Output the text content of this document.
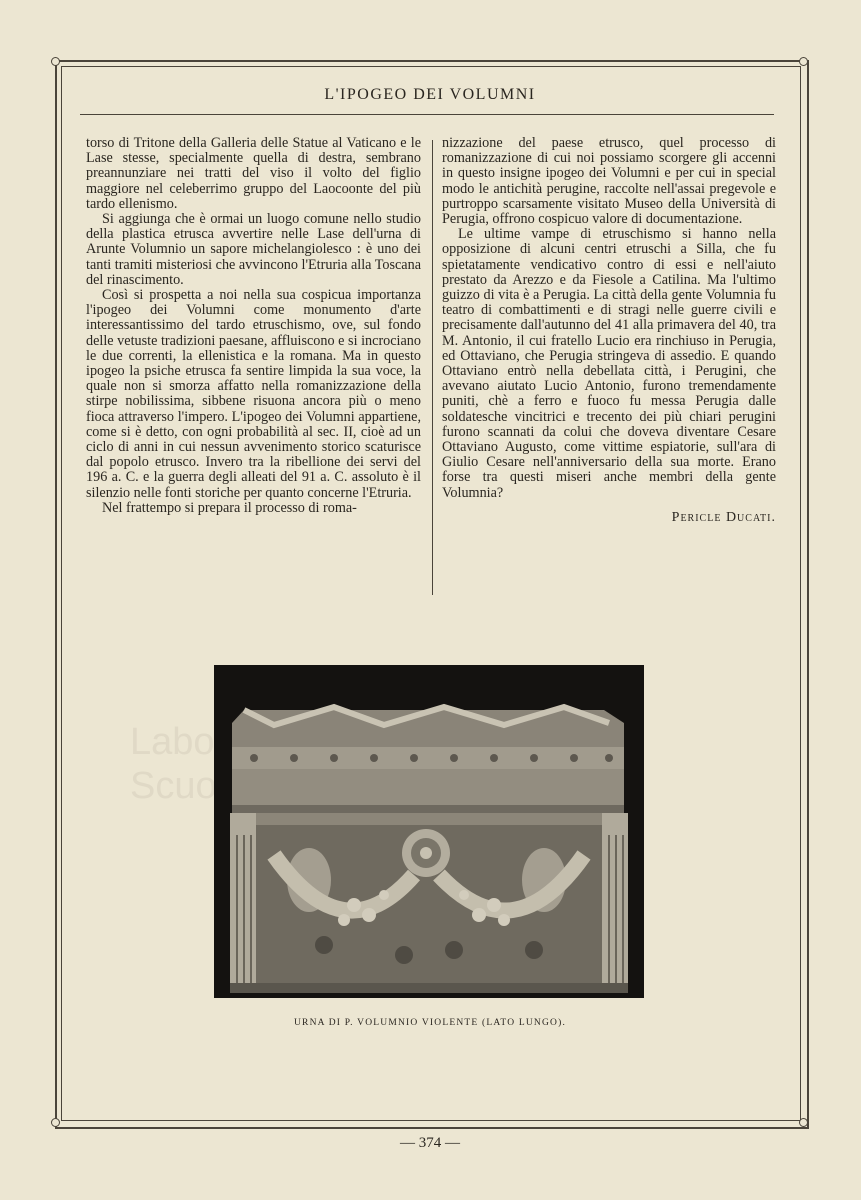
Scuola
L'IPOGEO DEI VOLUMNI

torso di Tritone della Galleria delle Statue al Vaticano e le Lase stesse, specialmente quella di destra, sembrano preannunziare nei tratti del viso il volto del figlio maggiore nel celeberrimo gruppo del Laocoonte del più tardo ellenismo.

Si aggiunga che è ormai un luogo comune nello studio della plastica etrusca avvertire nelle Lase dell'urna di Arunte Volumnio un sapore michelangiolesco : è uno dei tanti tramiti misteriosi che avvincono l'Etruria alla Toscana del rinascimento.

Così si prospetta a noi nella sua cospicua importanza l'ipogeo dei Volumni come monumento d'arte interessantissimo del tardo etruschismo, ove, sul fondo delle vetuste tradizioni paesane, affluiscono e si incrociano le due correnti, la ellenistica e la romana. Ma in questo ipogeo la psiche etrusca fa sentire limpida la sua voce, la quale non si smorza affatto nella romanizzazione della stirpe nobilissima, sibbene risuona ancora più o meno fioca attraverso l'impero. L'ipogeo dei Volumni appartiene, come si è detto, con ogni probabilità al sec. II, cioè ad un ciclo di anni in cui nessun avvenimento storico scaturisce dal popolo etrusco. Invero tra la ribellione dei servi del 196 a. C. e la guerra degli alleati del 91 a. C. assoluto è il silenzio nelle fonti storiche per quanto concerne l'Etruria.

Nel frattempo si prepara il processo di roma-

nizzazione del paese etrusco, quel processo di romanizzazione di cui noi possiamo scorgere gli accenni in questo insigne ipogeo dei Volumni e per cui in special modo le antichità perugine, raccolte nell'assai pregevole e purtroppo scarsamente visitato Museo della Università di Perugia, offrono cospicuo valore di documentazione.

Le ultime vampe di etruschismo si hanno nella opposizione di alcuni centri etruschi a Silla, che fu spietatamente vendicativo contro di essi e nell'aiuto prestato da Arezzo e da Fiesole a Catilina. Ma l'ultimo guizzo di vita è a Perugia. La città della gente Volumnia fu teatro di combattimenti e di stragi nelle guerre civili e precisamente dall'autunno del 41 alla primavera del 40, tra M. Antonio, il cui fratello Lucio era rinchiuso in Perugia, ed Ottaviano, che Perugia stringeva di assedio. E quando Ottaviano entrò nella debellata città, i Perugini, che avevano aiutato Lucio Antonio, furono tremendamente puniti, chè a ferro e fuoco fu messa Perugia dalle soldatesche vincitrici e trecento dei più chiari perugini furono scannati da colui che doveva diventare Cesare Ottaviano Augusto, come vittime espiatorie, sull'ara di Giulio Cesare nell'anniversario della sua morte. Erano forse tra questi miseri anche membri della gente Volumnia?

Pericle Ducati.
URNA DI P. VOLUMNIO VIOLENTE (LATO LUNGO).
— 374 —
